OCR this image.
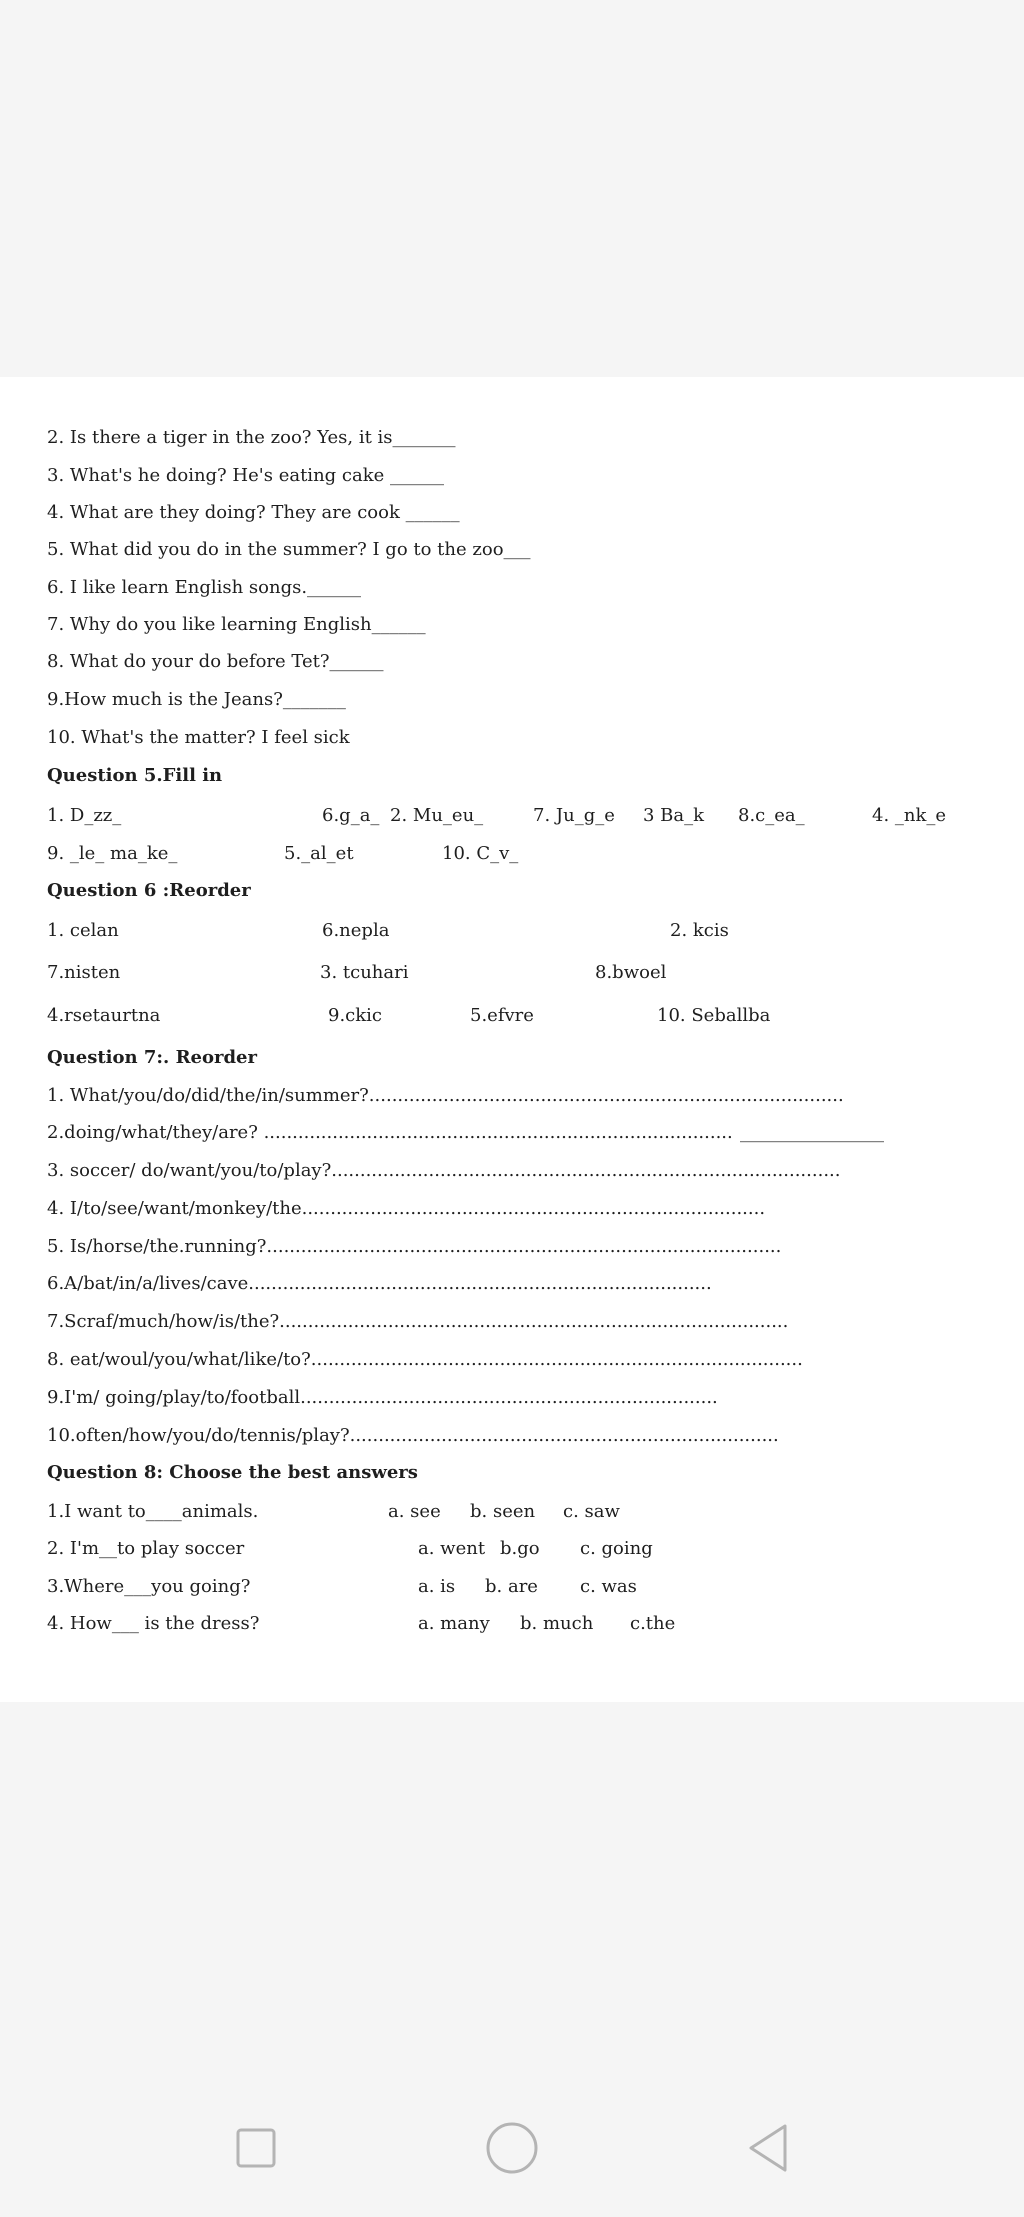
2. Is there a tiger in the zoo? Yes, it is_______
3. What's he doing? He's eating cake ______
4. What are they doing? They are cook ______
5. What did you do in the summer? I go to the zoo___
6. I like learn English songs.______
7. Why do you like learning English______
8. What do your do before Tet?______
9.How much is the Jeans?_______
10. What's the matter? I feel sick
Question 5.Fill in
1. D_zz_	6.g_a_ 2. Mu_eu_	7. Ju_g_e 3 Ba_k 8.c_ea_	4. _nk_e
9. _le_ ma_ke_	5._al_et	10. C_v_
Question 6 :Reorder
1. celan	6.nepla	2. kcis
7.nisten	3. tcuhari	8.bwoel
4.rsetaurtna	9.ckic	5.efvre	10. Seballba
Question 7:. Reorder
1. What/you/do/did/the/in/summer?...................................................................................
2.doing/what/they/are? .................................................................................. ________________
3. soccer/ do/want/you/to/play?.........................................................................................
4. I/to/see/want/monkey/the.................................................................................
5. Is/horse/the.running?..........................................................................................
6.A/bat/in/a/lives/cave.................................................................................
7.Scraf/much/how/is/the?.........................................................................................
8. eat/woul/you/what/like/to?......................................................................................
9.I'm/ going/play/to/football.........................................................................
10.often/how/you/do/tennis/play?...........................................................................
Question 8: Choose the best answers
1.I want to____animals.	a. see b. seen c. saw
2. I'm__to play soccer	a. went b.go c. going
3.Where___you going?	a. is b. are c. was
4. How___ is the dress?	a. many b. much c.the
